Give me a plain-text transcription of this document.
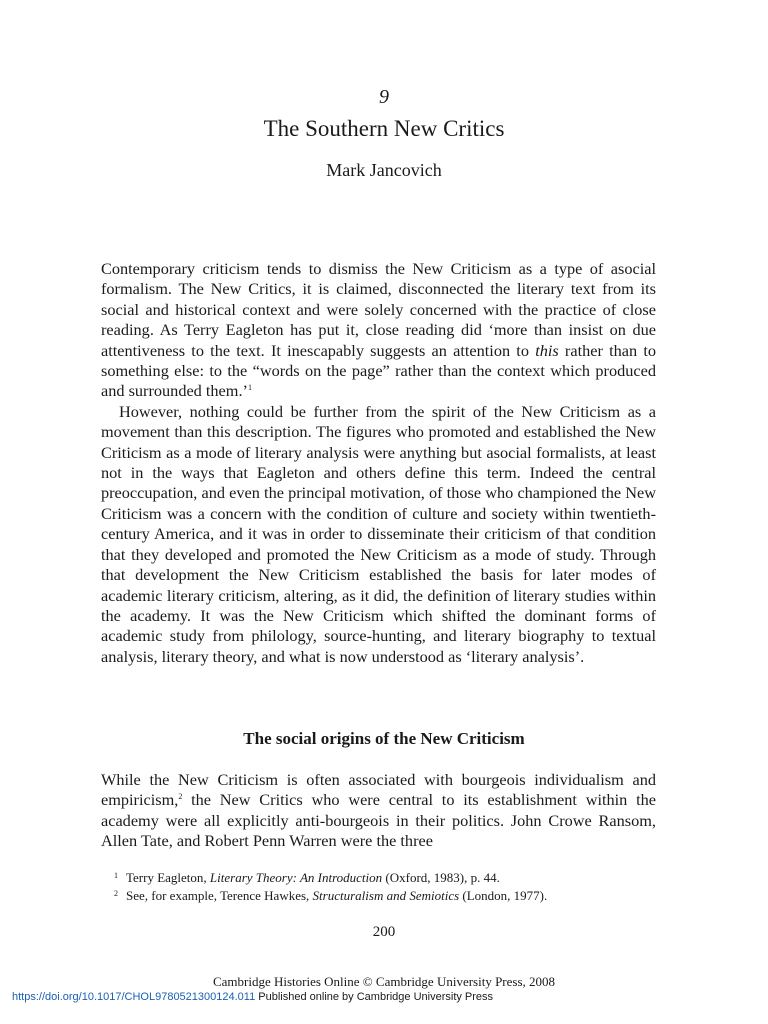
9
The Southern New Critics
Mark Jancovich

Contemporary criticism tends to dismiss the New Criticism as a type of asocial formalism. The New Critics, it is claimed, disconnected the literary text from its social and historical context and were solely concerned with the practice of close reading. As Terry Eagleton has put it, close reading did ‘more than insist on due attentiveness to the text. It inescapably suggests an attention to this rather than to something else: to the “words on the page” rather than the context which produced and surrounded them.’$^1$

However, nothing could be further from the spirit of the New Criticism as a movement than this description. The figures who promoted and established the New Criticism as a mode of literary analysis were anything but asocial formalists, at least not in the ways that Eagleton and others define this term. Indeed the central preoccupation, and even the principal motivation, of those who championed the New Criticism was a concern with the condition of culture and society within twentieth-century America, and it was in order to disseminate their criticism of that condition that they developed and promoted the New Criticism as a mode of study. Through that development the New Criticism established the basis for later modes of academic literary criticism, altering, as it did, the definition of literary studies within the academy. It was the New Criticism which shifted the dominant forms of academic study from philology, source-hunting, and literary biography to textual analysis, literary theory, and what is now understood as ‘literary analysis’.

The social origins of the New Criticism

While the New Criticism is often associated with bourgeois individualism and empiricism,$^2$ the New Critics who were central to its establishment within the academy were all explicitly anti-bourgeois in their politics. John Crowe Ransom, Allen Tate, and Robert Penn Warren were the three

$^1$ Terry Eagleton, Literary Theory: An Introduction (Oxford, 1983), p. 44.

$^2$ See, for example, Terence Hawkes, Structuralism and Semiotics (London, 1977).

200
Cambridge Histories Online © Cambridge University Press, 2008
https://doi.org/10.1017/CHOL9780521300124.011 Published online by Cambridge University Press
